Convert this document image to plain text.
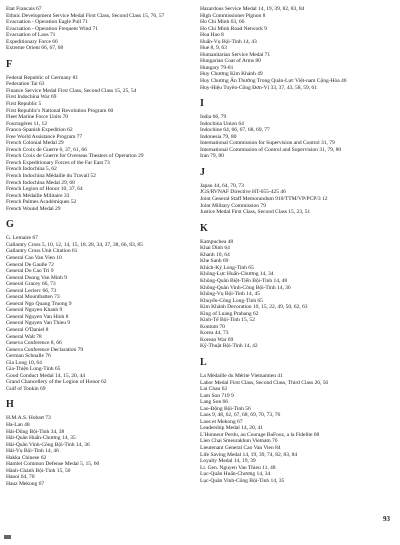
Etat Francais 67
Ethnic Development Service Medal First Class, Second Class 15, 76, 57
Evacuation - Operation Eagle Pull 71
Evacuation - Operation Frequent Wind 71
Evacuation of Laos 71
Expeditionary Force 66
Extreme Orient 66, 67, 68
F
Federal Republic of Germany 81
Federation Tai 63
Finance Service Medal First Class, Second Class 15, 25, 54
First Indochina War 69
First Republic 5
First Republic's National Revolution Program 60
Fleet Marine Force Units 70
Fourragères 11, 12
Franco-Spanish Expedition 62
Free World Assistance Program 77
French Colonial Medal 29
French Croix de Guerre 6, 37, 61, 66
French Croix de Guerre for Overseas Theaters of Operation 29
French Expeditionary Forces of the Far East 73
French Indochina 5, 62
French Indochina Médaille du Travail 52
French Indochina Medal 29, 68
French Legion of Honor 10, 37, 64
French Médaille Militaire 33
French Palmes Académiques 52
French Wound Medal 29
G
G. Lemaire 67
Gallantry Cross 5, 10, 12, 14, 15, 18, 28, 34, 37, 38, 66, 83, 85
Gallantry Cross Unit Citation 61
General Cao Van Vien 10
General De Gaulle 72
General Do Cao Tri 9
General Duong Van Minh 9
General Gracey 66, 73
General Leclerc 66, 73
General Mountbatten 73
General Ngo Quang Truong 9
General Nguyen Khanh 9
General Nguyen Van Hinh 8
General Nguyen Van Thieu 9
General O'Daniel 8
General Walt 78
Geneva Conference 8, 66
Geneva Conference Declaration 79
German Schnalle 76
Gia Long 10, 64
Gia-Thiện Long-Tinh 65
Good Conduct Medal 14, 15, 20, 44
Grand Chancellery of the Legion of Honor 62
Gulf of Tonkin 69
H
H.M.A.S. Hobart 73
Ha-Lan 48
Hải-Dũng Bội-Tinh 34, 38
Hải-Quân Huấn-Chương 14, 35
Hải-Quân Vinh-Công Bội-Tinh 14, 36
Hải-Vụ Bội-Tinh 14, 46
Hakka Chinese 62
Hamlet Common Defense Medal 5, 15, 60
Hành-Chánh Bội-Tinh 15, 50
Hanoi 64, 70
Hauz Mekong 67
Hazardous Service Medal 14, 19, 39, 82, 83, 84
High Commissioner Pignon 8
Ho Chi Minh 63, 66
Ho Chi Minh Road Network 9
Hoa Hao 8
Huấn-Vụ Bội-Tinh 14, 43
Hue 8, 9, 63
Humanitarian Service Medal 71
Hungarian Coat of Arms 80
Hungary 79-81
Huy Chương Kim Khánh 49
Huy Chương Ân Thưởng Trong Quân-Lực Việt-nam Cộng-Hòa 46
Huy-Hiệu Tuyên-Công Đơn-Vị 33, 37, 43, 58, 59, 61
I
India 66, 79
Indochina Union 64
Indochine 64, 66, 67, 68, 69, 77
Indonesia 79, 80
International Commission for Supervision and Control 31, 79
International Commission of Control and Supervision 31, 79, 80
Iran 79, 80
J
Japan 44, 64, 70, 73
JGS/RVNAF Directive HT-655-425 46
Joint General Staff Memorandum 910/TTM/VP/PCP/3 12
Joint Military Commission 79
Justice Medal First Class, Second Class 15, 23, 51
K
Kampuchea 48
Khai Dinh 64
Khanh 10, 64
Khe Sanh 69
Khích-Ký Long-Tinh 65
Không-Lực Huấn-Chương 14, 34
Không-Quân Biệt-Tiến Bội-Tinh 14, 48
Không-Quân Vinh-Công Bội-Tinh 14, 36
Không-Vụ Bội-Tinh 14, 45
Khuyến-Công Long-Tinh 65
Kim Khánh Decoration 10, 15, 22, 49, 50, 62, 63
King of Luang Prabang 62
Kinh-Tế Bội-Tinh 15, 52
Kontum 70
Korea 44, 73
Korean War 69
Kỹ-Thuật Bội-Tinh 14, 42
L
La Médaille du Mérite Vietnamien 41
Labor Medal First Class, Second Class, Third Class 26, 56
Lai Chau 62
Lam Son 719 9
Lang Son 66
Lao-Động Bội-Tinh 56
Laos 9, 48, 62, 67, 68, 69, 70, 73, 76
Laos et Mekong 67
Leadership Medal 14, 20, 41
L'Honneur Perdu, au Courage BaFouz, a la Fidelite 68
Lien Chai Smeurakhun Vietnam 76
Lieutenant General Cao Van Vien 84
Life Saving Medal 14, 19, 39, 74, 82, 83, 84
Loyalty Medal 14, 19, 39
Lt. Gen. Nguyen Van Thieu 11, 48
Lục-Quân Huấn-Chương 14, 34
Lục-Quân Vinh-Công Bội-Tinh 14, 35
93
